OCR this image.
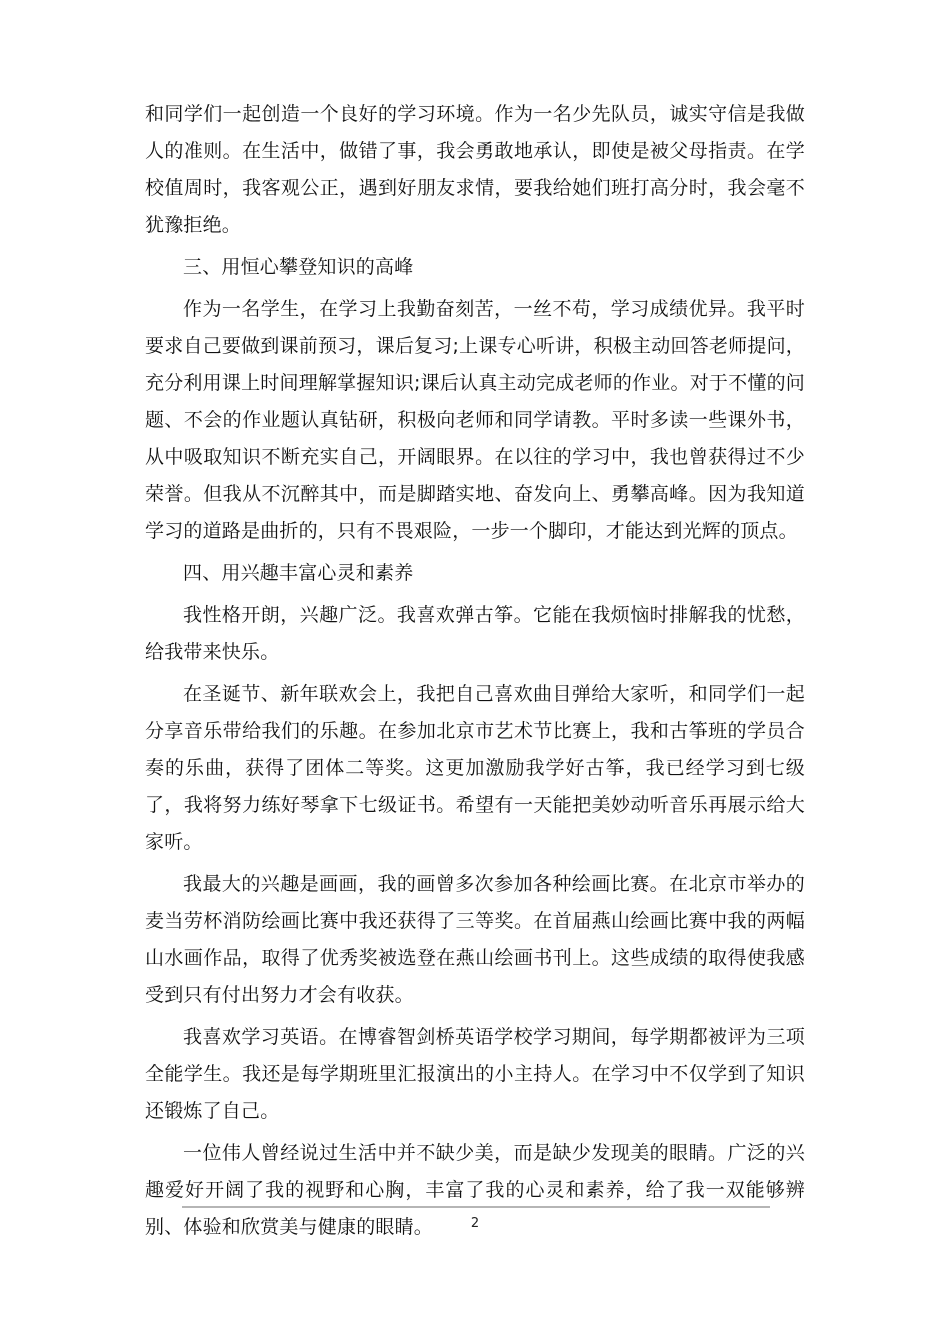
和同学们一起创造一个良好的学习环境。作为一名少先队员，诚实守信是我做人的准则。在生活中，做错了事，我会勇敢地承认，即使是被父母指责。在学校值周时，我客观公正，遇到好朋友求情，要我给她们班打高分时，我会毫不犹豫拒绝。

三、用恒心攀登知识的高峰

作为一名学生，在学习上我勤奋刻苦，一丝不苟，学习成绩优异。我平时要求自己要做到课前预习，课后复习;上课专心听讲，积极主动回答老师提问，充分利用课上时间理解掌握知识;课后认真主动完成老师的作业。对于不懂的问题、不会的作业题认真钻研，积极向老师和同学请教。平时多读一些课外书，从中吸取知识不断充实自己，开阔眼界。在以往的学习中，我也曾获得过不少荣誉。但我从不沉醉其中，而是脚踏实地、奋发向上、勇攀高峰。因为我知道学习的道路是曲折的，只有不畏艰险，一步一个脚印，才能达到光辉的顶点。

四、用兴趣丰富心灵和素养

我性格开朗，兴趣广泛。我喜欢弹古筝。它能在我烦恼时排解我的忧愁，给我带来快乐。

在圣诞节、新年联欢会上，我把自己喜欢曲目弹给大家听，和同学们一起分享音乐带给我们的乐趣。在参加北京市艺术节比赛上，我和古筝班的学员合奏的乐曲，获得了团体二等奖。这更加激励我学好古筝，我已经学习到七级了，我将努力练好琴拿下七级证书。希望有一天能把美妙动听音乐再展示给大家听。

我最大的兴趣是画画，我的画曾多次参加各种绘画比赛。在北京市举办的麦当劳杯消防绘画比赛中我还获得了三等奖。在首届燕山绘画比赛中我的两幅山水画作品，取得了优秀奖被选登在燕山绘画书刊上。这些成绩的取得使我感受到只有付出努力才会有收获。

我喜欢学习英语。在博睿智剑桥英语学校学习期间，每学期都被评为三项全能学生。我还是每学期班里汇报演出的小主持人。在学习中不仅学到了知识还锻炼了自己。

一位伟人曾经说过生活中并不缺少美，而是缺少发现美的眼睛。广泛的兴趣爱好开阔了我的视野和心胸，丰富了我的心灵和素养，给了我一双能够辨别、体验和欣赏美与健康的眼睛。	2
